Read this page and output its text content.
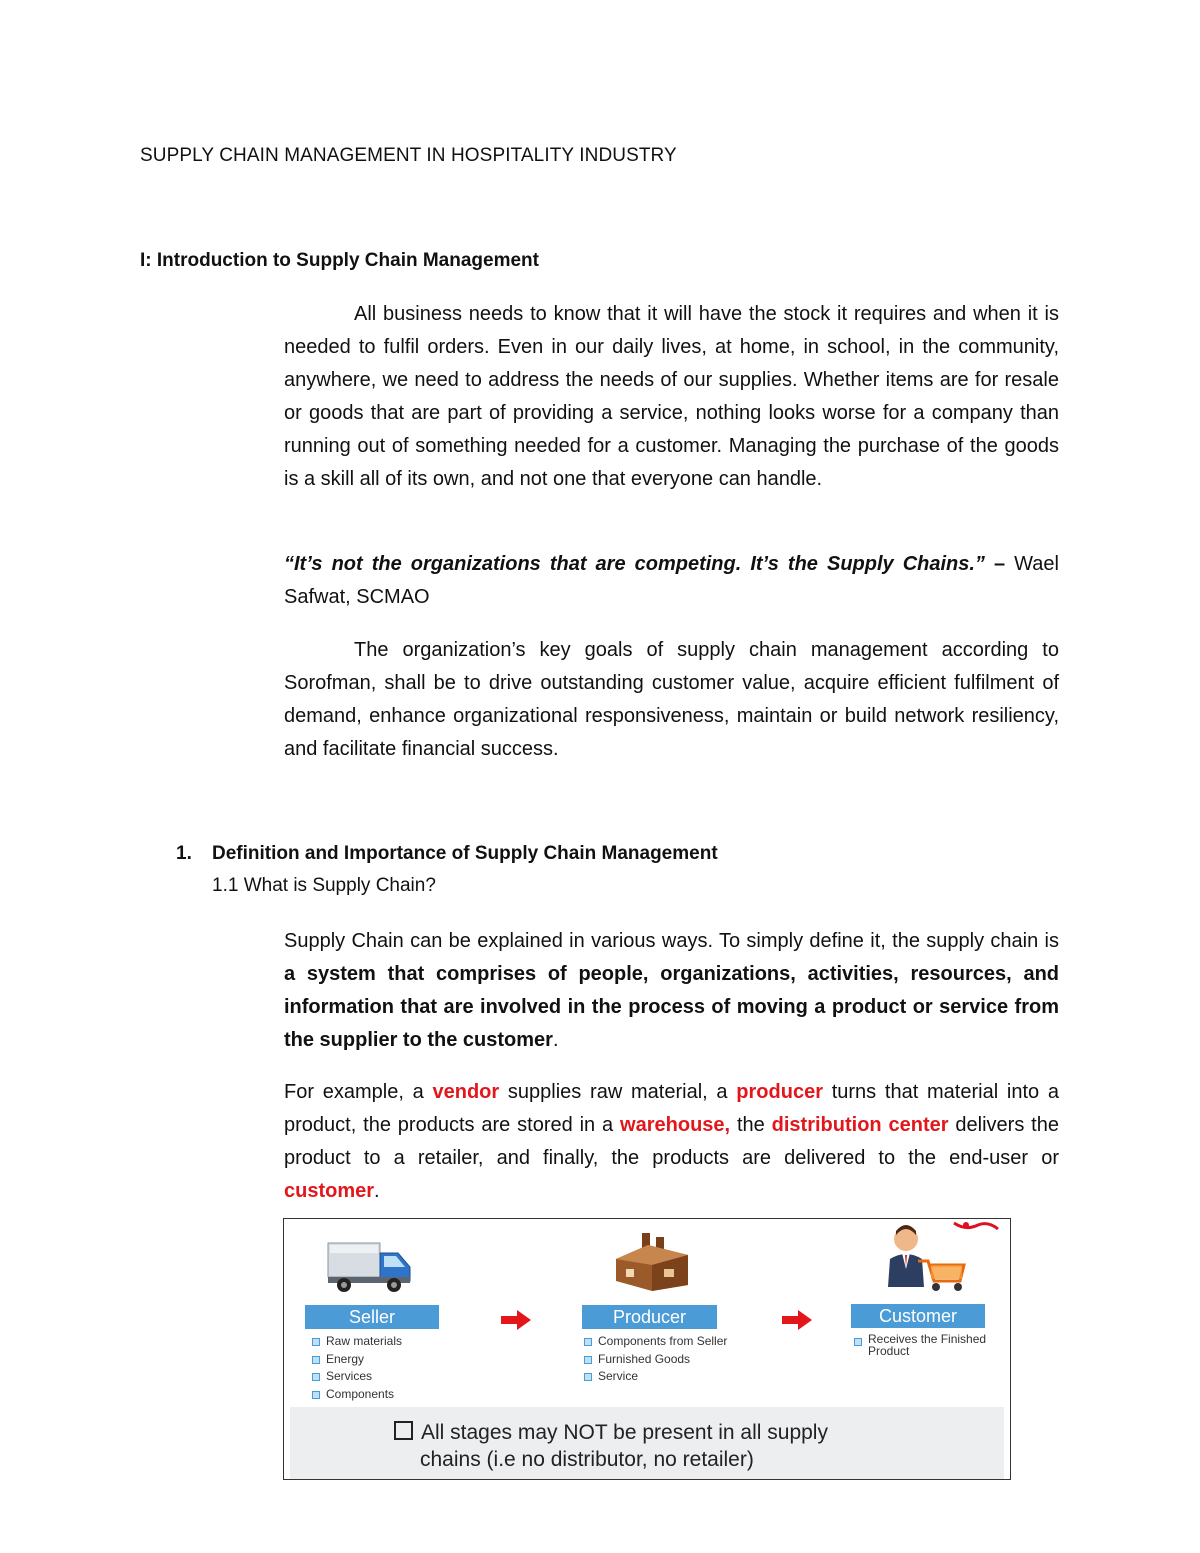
SUPPLY CHAIN MANAGEMENT IN HOSPITALITY INDUSTRY
I: Introduction to Supply Chain Management

All business needs to know that it will have the stock it requires and when it is needed to fulfil orders. Even in our daily lives, at home, in school, in the community, anywhere, we need to address the needs of our supplies. Whether items are for resale or goods that are part of providing a service, nothing looks worse for a company than running out of something needed for a customer. Managing the purchase of the goods is a skill all of its own, and not one that everyone can handle.

“It’s not the organizations that are competing. It’s the Supply Chains.” – Wael Safwat, SCMAO

The organization’s key goals of supply chain management according to Sorofman, shall be to drive outstanding customer value, acquire efficient fulfilment of demand, enhance organizational responsiveness, maintain or build network resiliency, and facilitate financial success.

1. Definition and Importance of Supply Chain Management
1.1 What is Supply Chain?

Supply Chain can be explained in various ways. To simply define it, the supply chain is a system that comprises of people, organizations, activities, resources, and information that are involved in the process of moving a product or service from the supplier to the customer.

For example, a vendor supplies raw material, a producer turns that material into a product, the products are stored in a warehouse, the distribution center delivers the product to a retailer, and finally, the products are delivered to the end-user or customer.

Seller	Producer	Customer
Raw materials
Energy
Services
Components
Components from Seller
Furnished Goods
Service
Receives the Finished Product
All stages may NOT be present in all supply
chains (i.e no distributor, no retailer)
